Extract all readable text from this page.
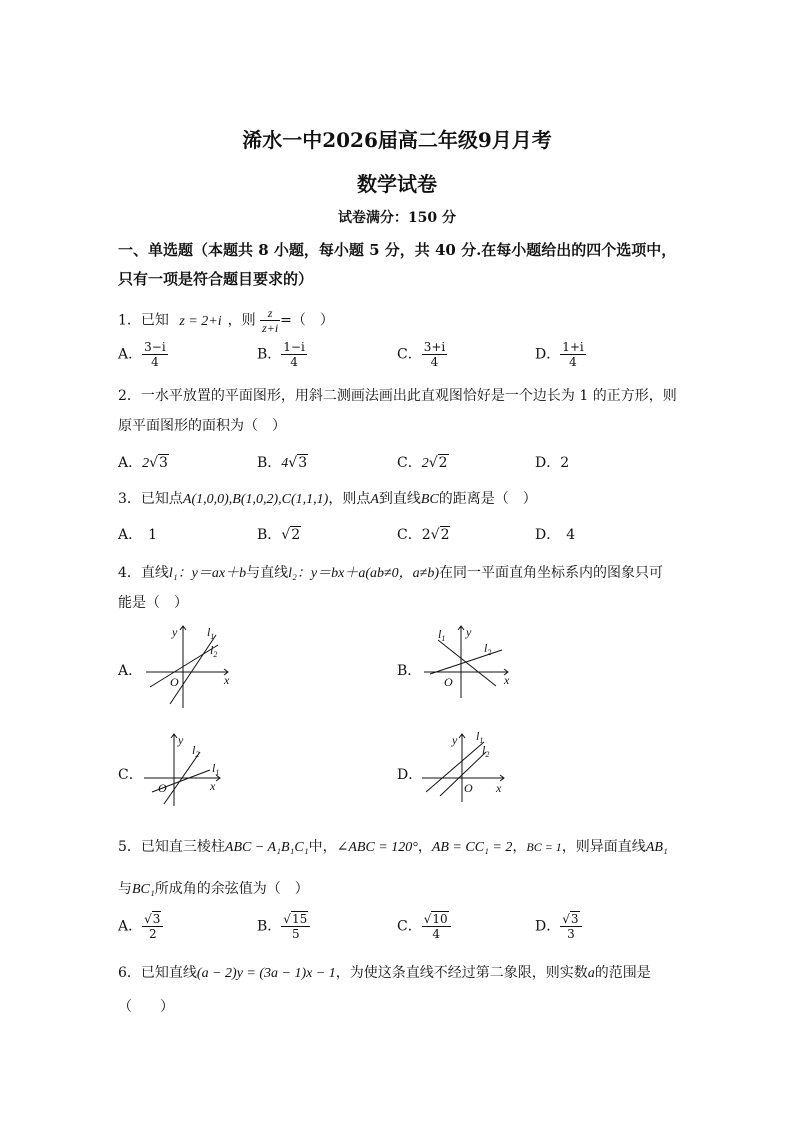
浠水一中2026届高二年级9月月考
数学试卷
试卷满分：150 分
一、单选题（本题共 8 小题，每小题 5 分，共 40 分.在每小题给出的四个选项中，
只有一项是符合题目要求的）
1．已知 z = 2+i ，则 $\frac{z}{z+i}$ =（　）
A． $\frac{3-i}{4}$	B． $\frac{1-i}{4}$	C． $\frac{3+i}{4}$	D． $\frac{1+i}{4}$
2．一水平放置的平面图形，用斜二测画法画出此直观图恰好是一个边长为 1 的正方形，则
原平面图形的面积为（　）
A．2√3	B．4√3	C．2√2	D．2
3．已知点A(1,0,0),B(1,0,2),C(1,1,1)，则点A到直线BC的距离是（　）
A． 1	B．√2	C．2√2	D． 4
4．直线l₁：y＝ax＋b与直线l₂：y＝bx＋a(ab≠0，a≠b)在同一平面直角坐标系内的图象只可
能是（　）
A．	B．
C．	D．
y
x
O
$l_1$
$l_2$
y
x
O
$l_1$
$l_2$
y
x
O
$l_2$
$l_1$
y
x
O
$l_1$
$l_2$
5．已知直三棱柱ABC − A₁B₁C₁中，∠ABC = 120°，AB = CC₁ = 2，BC = 1，则异面直线AB₁
与BC₁所成角的余弦值为（　）
A． $\frac{√3}{2}$	B． $\frac{√15}{5}$	C． $\frac{√10}{4}$	D． $\frac{√3}{3}$
6．已知直线(a − 2)y = (3a − 1)x − 1，为使这条直线不经过第二象限，则实数a的范围是
（　　）
